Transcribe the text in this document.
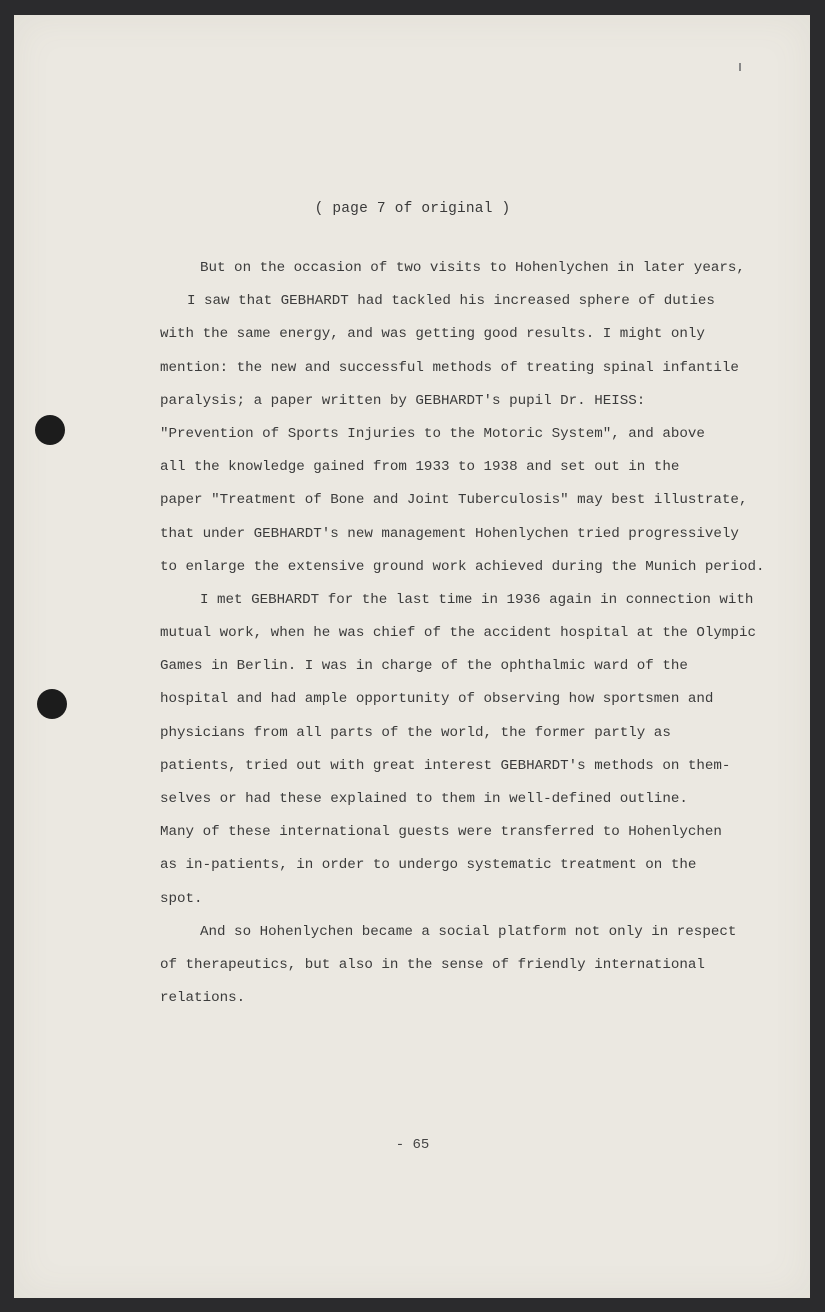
( page 7 of original )
But on the occasion of two visits to Hohenlychen in later years,
I saw that GEBHARDT had tackled his increased sphere of duties
with the same energy, and was getting good results. I might only
mention: the new and successful methods of treating spinal infantile
paralysis; a paper written by GEBHARDT's pupil Dr. HEISS:
"Prevention of Sports Injuries to the Motoric System", and above
all the knowledge gained from 1933 to 1938 and set out in the
paper "Treatment of Bone and Joint Tuberculosis" may best illustrate,
that under GEBHARDT's new management Hohenlychen tried progressively
to enlarge the extensive ground work achieved during the Munich period.
I met GEBHARDT for the last time in 1936 again in connection with
mutual work, when he was chief of the accident hospital at the Olympic
Games in Berlin. I was in charge of the ophthalmic ward of the
hospital and had ample opportunity of observing how sportsmen and
physicians from all parts of the world, the former partly as
patients, tried out with great interest GEBHARDT's methods on them-
selves or had these explained to them in well-defined outline.
Many of these international guests were transferred to Hohenlychen
as in-patients, in order to undergo systematic treatment on the
spot.
And so Hohenlychen became a social platform not only in respect
of therapeutics, but also in the sense of friendly international
relations.
- 65
